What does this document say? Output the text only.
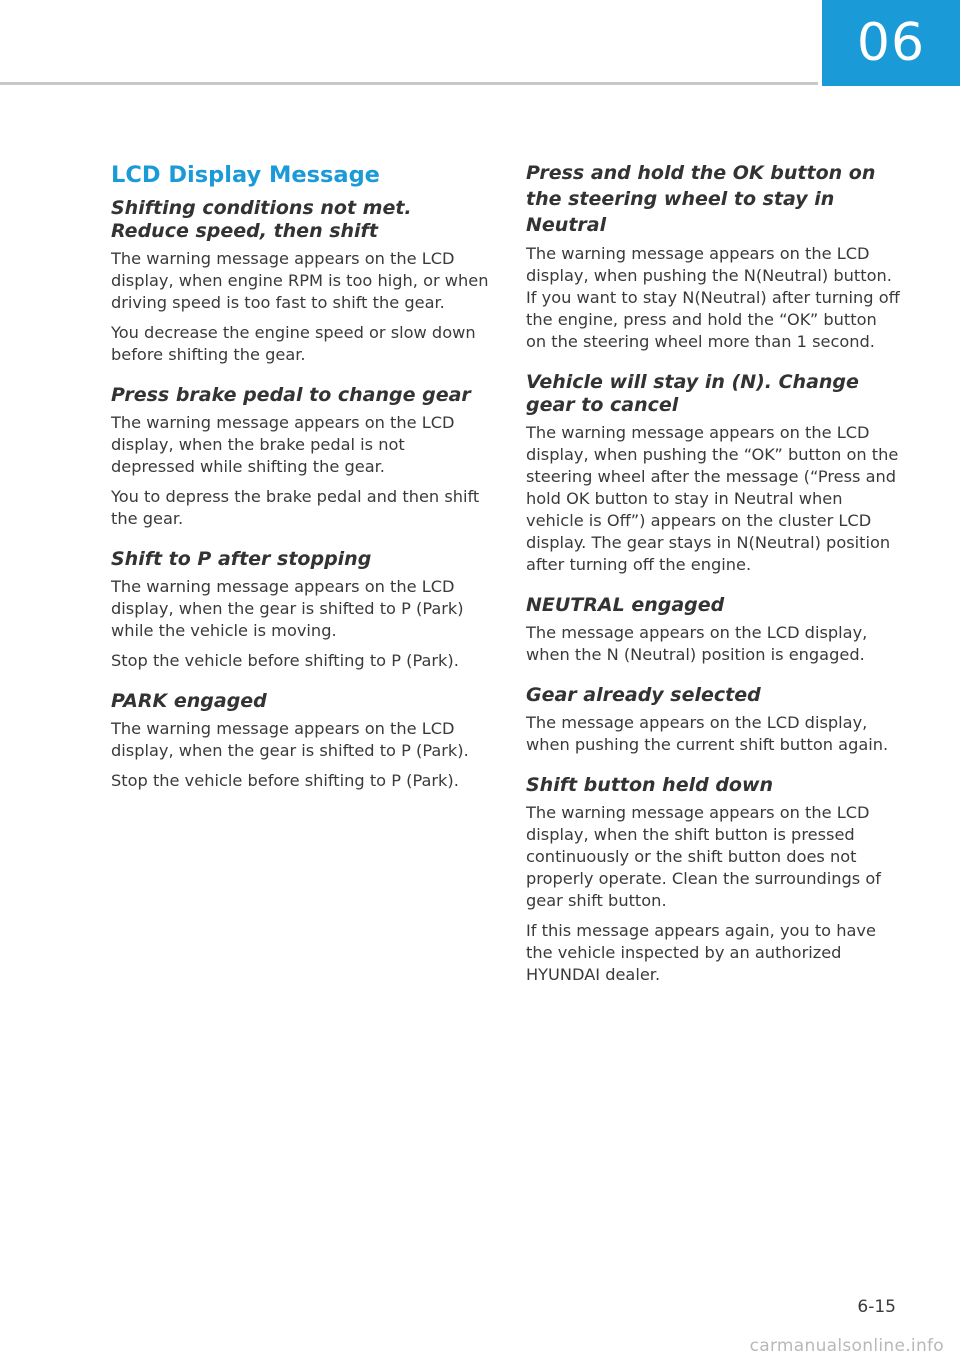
06
LCD Display Message
Shifting conditions not met. Reduce speed, then shift

The warning message appears on the LCD display, when engine RPM is too high, or when driving speed is too fast to shift the gear.

You decrease the engine speed or slow down before shifting the gear.

Press brake pedal to change gear

The warning message appears on the LCD display, when the brake pedal is not depressed while shifting the gear.

You to depress the brake pedal and then shift the gear.

Shift to P after stopping

The warning message appears on the LCD display, when the gear is shifted to P (Park) while the vehicle is moving.

Stop the vehicle before shifting to P (Park).

PARK engaged

The warning message appears on the LCD display, when the gear is shifted to P (Park).

Stop the vehicle before shifting to P (Park).

Press and hold the OK button on the steering wheel to stay in Neutral

The warning message appears on the LCD display, when pushing the N(Neutral) button. If you want to stay N(Neutral) after turning off the engine, press and hold the “OK” button on the steering wheel more than 1 second.

Vehicle will stay in (N). Change gear to cancel

The warning message appears on the LCD display, when pushing the “OK” button on the steering wheel after the message (“Press and hold OK button to stay in Neutral when vehicle is Off”) appears on the cluster LCD display. The gear stays in N(Neutral) position after turning off the engine.

NEUTRAL engaged

The message appears on the LCD display, when the N (Neutral) position is engaged.

Gear already selected

The message appears on the LCD display, when pushing the current shift button again.

Shift button held down

The warning message appears on the LCD display, when the shift button is pressed continuously or the shift button does not properly operate. Clean the surroundings of gear shift button.

If this message appears again, you to have the vehicle inspected by an authorized HYUNDAI dealer.

6-15
carmanualsonline.info
